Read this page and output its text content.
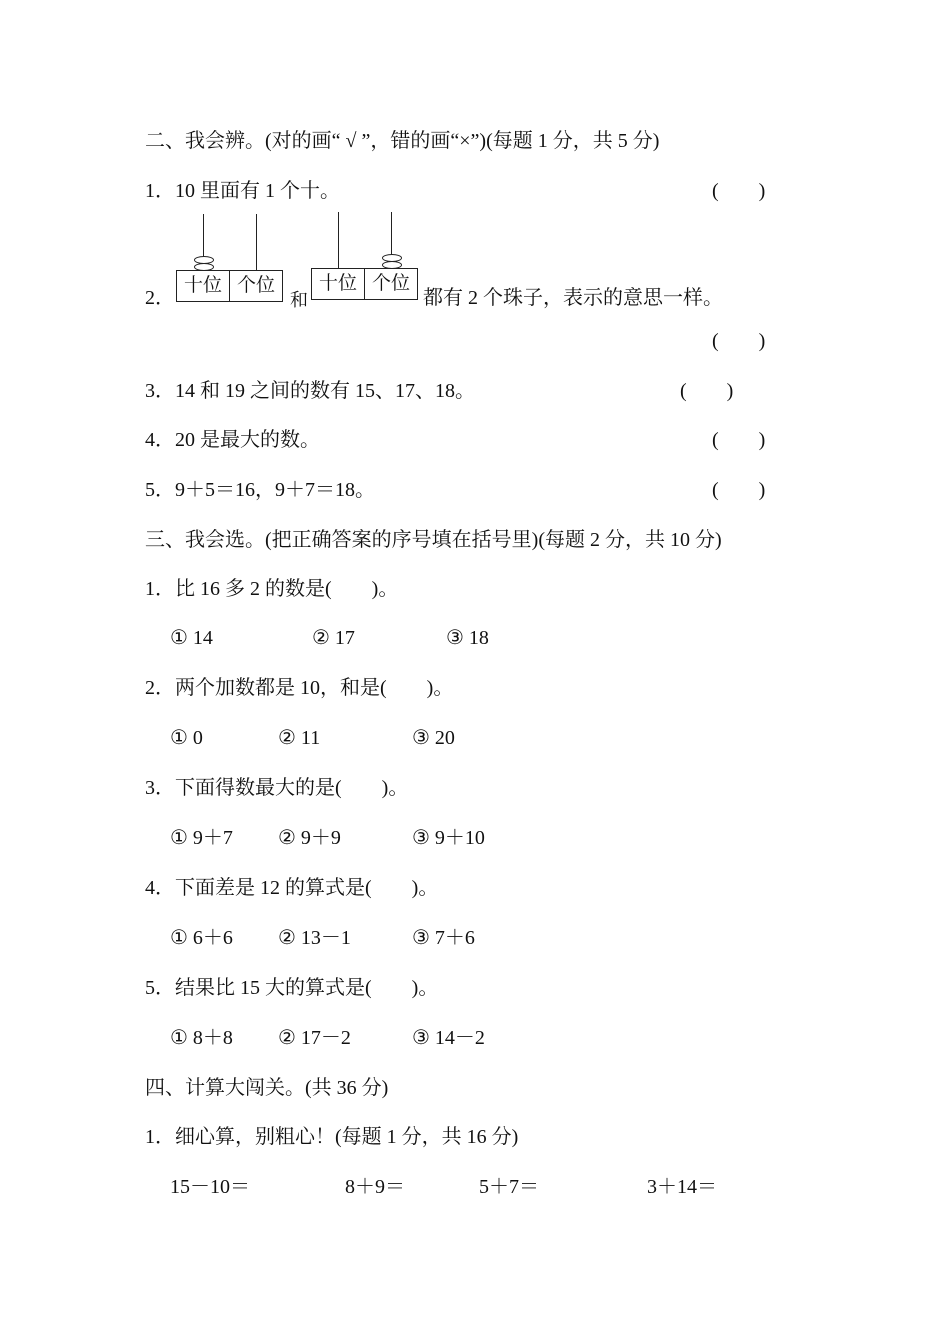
二、我会辨。(对的画“ √ ”，错的画“×”)(每题 1 分，共 5 分)
1．10 里面有 1 个十。	(　　)
2．
十位 个位
和
十位 个位
都有 2 个珠子，表示的意思一样。
(　　)
3．14 和 19 之间的数有 15、17、18。	(　　)
4．20 是最大的数。	(　　)
5．9＋5＝16，9＋7＝18。	(　　)
三、我会选。(把正确答案的序号填在括号里)(每题 2 分，共 10 分)
1．比 16 多 2 的数是(　　)。
① 14	② 17	③ 18
2．两个加数都是 10，和是(　　)。
① 0	② 11	③ 20
3．下面得数最大的是(　　)。
① 9＋7 ② 9＋9	③ 9＋10
4．下面差是 12 的算式是(　　)。
① 6＋6 ② 13－1	③ 7＋6
5．结果比 15 大的算式是(　　)。
① 8＋8 ② 17－2	③ 14－2
四、计算大闯关。(共 36 分)
1．细心算，别粗心！(每题 1 分，共 16 分)
15－10＝	8＋9＝	5＋7＝	3＋14＝
